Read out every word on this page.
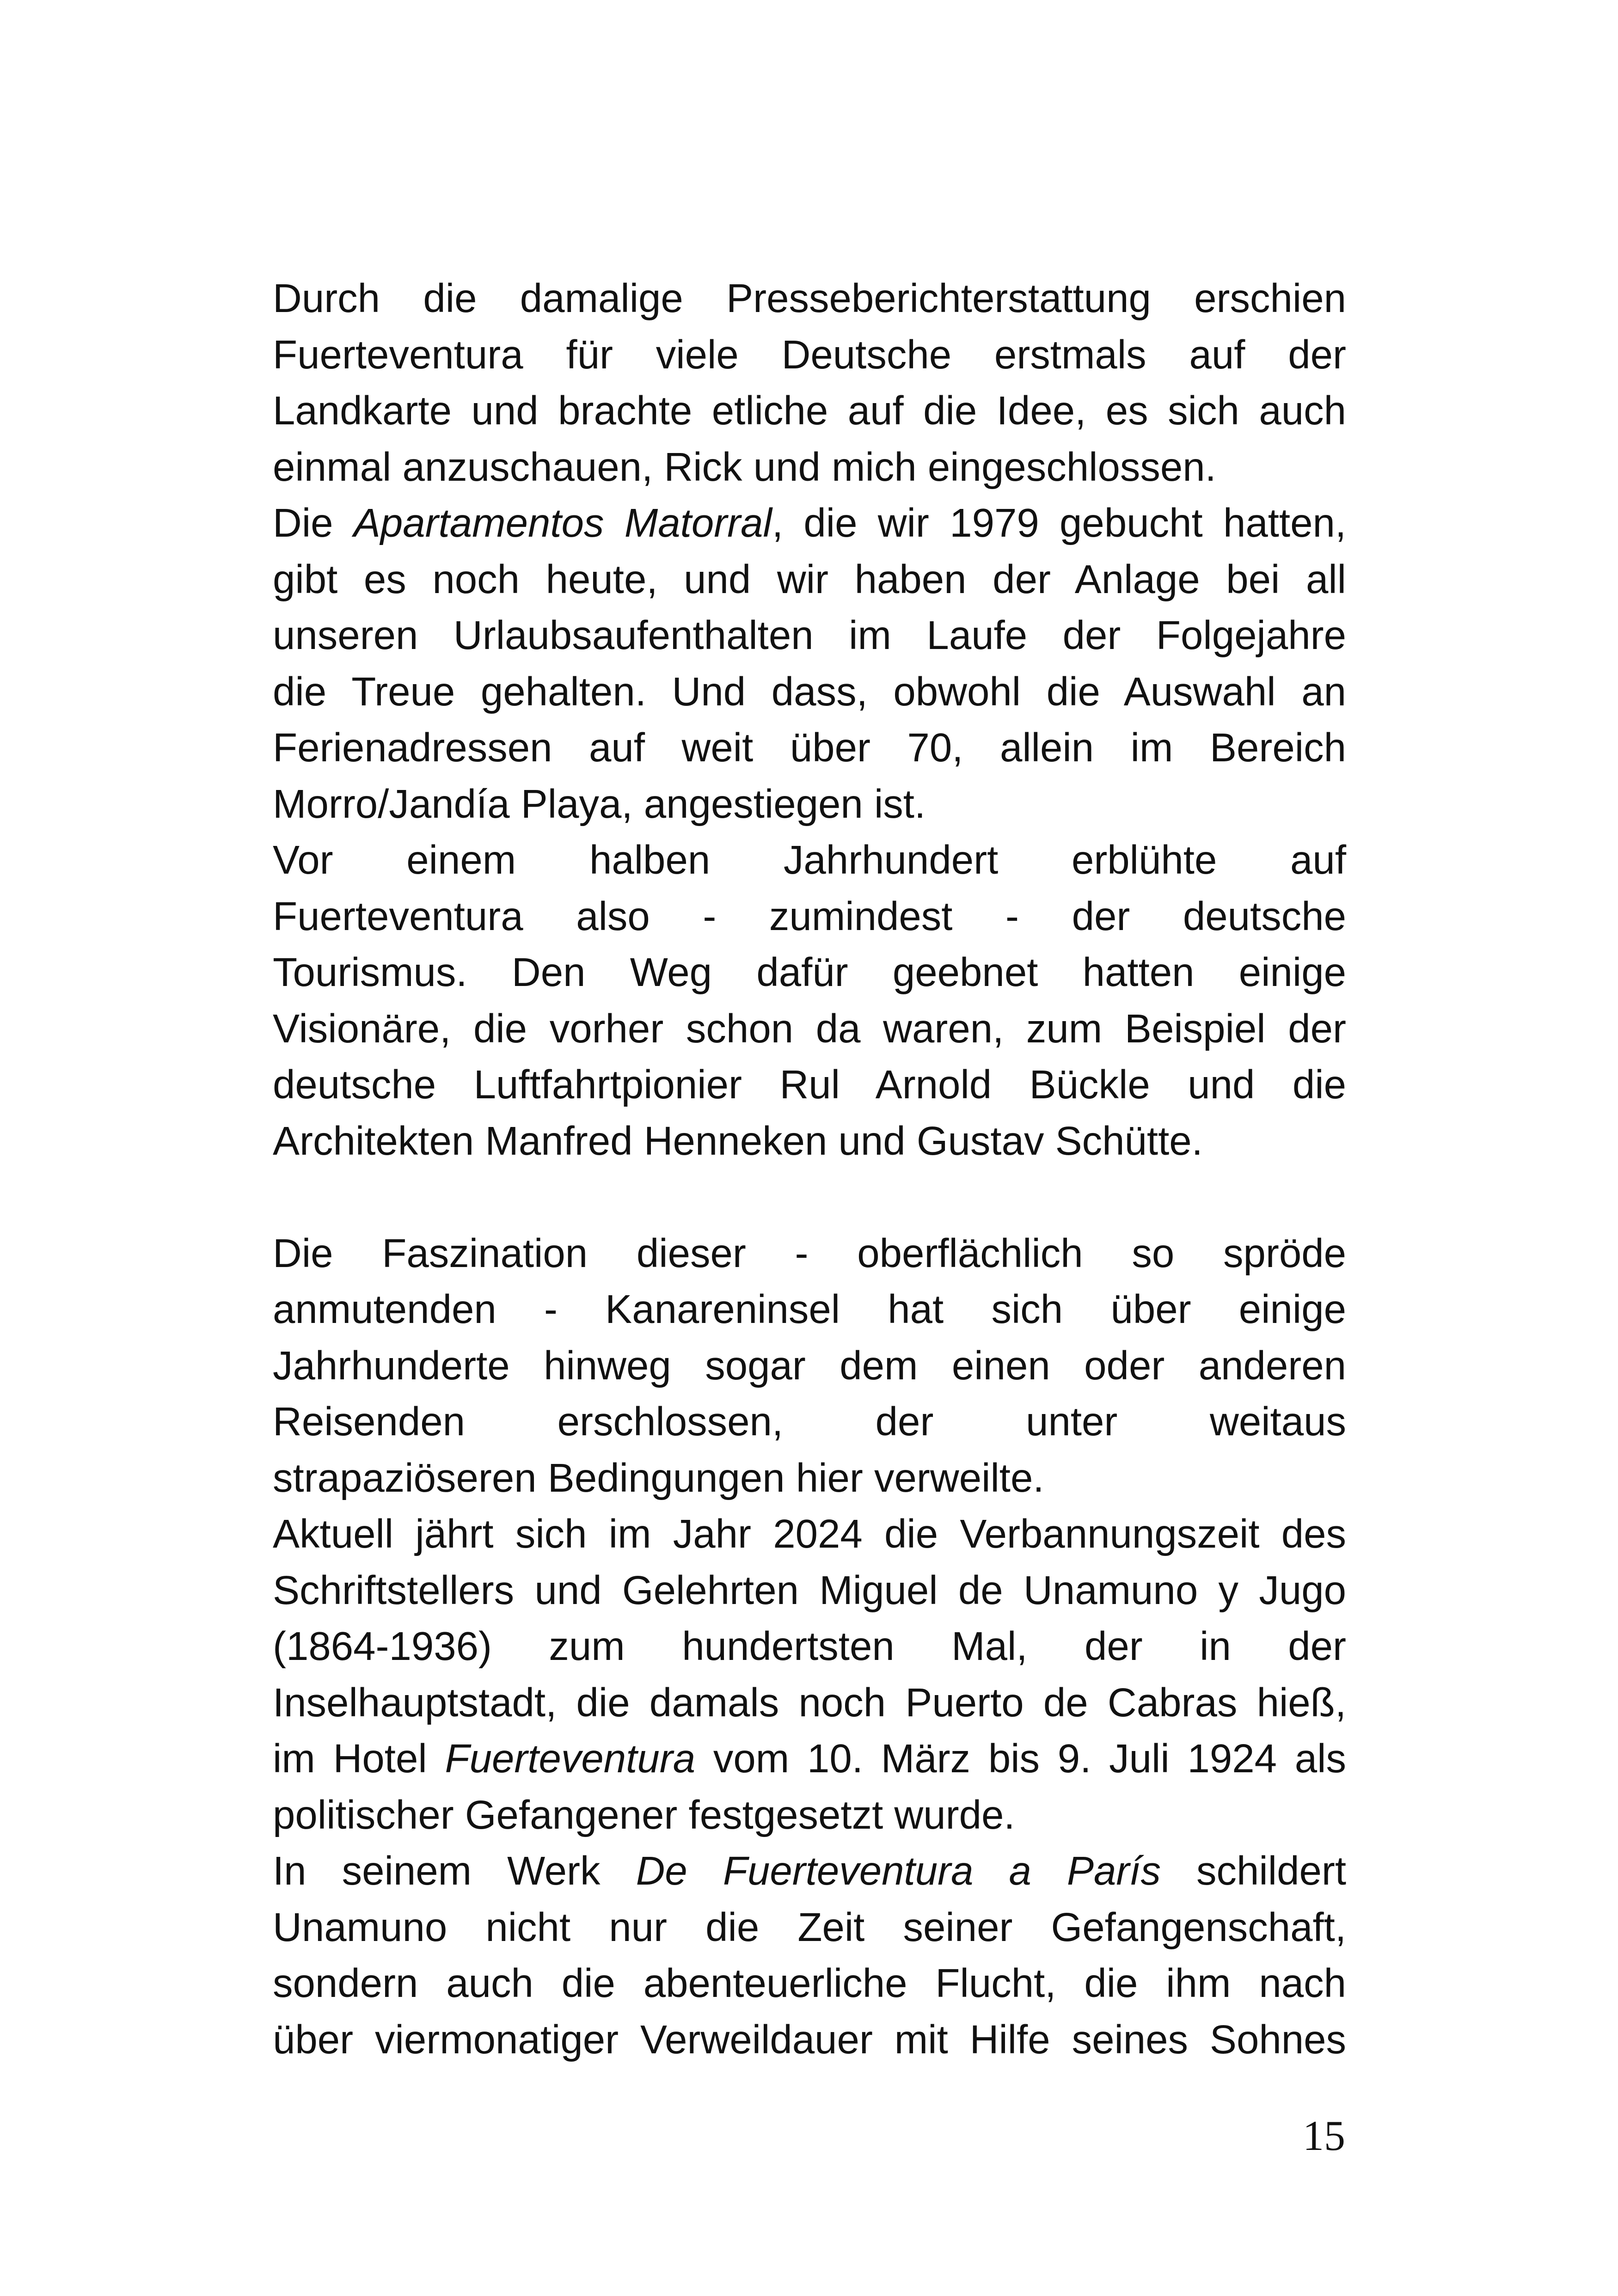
Durch die damalige Presseberichterstattung erschien
Fuerteventura für viele Deutsche erstmals auf der
Landkarte und brachte etliche auf die Idee, es sich auch
einmal anzuschauen, Rick und mich eingeschlossen.

Die Apartamentos Matorral, die wir 1979 gebucht hatten,
gibt es noch heute, und wir haben der Anlage bei all
unseren Urlaubsaufenthalten im Laufe der Folgejahre
die Treue gehalten. Und dass, obwohl die Auswahl an
Ferienadressen auf weit über 70, allein im Bereich
Morro/Jandía Playa, angestiegen ist.

Vor einem halben Jahrhundert erblühte auf
Fuerteventura also - zumindest - der deutsche
Tourismus. Den Weg dafür geebnet hatten einige
Visionäre, die vorher schon da waren, zum Beispiel der
deutsche Luftfahrtpionier Rul Arnold Bückle und die
Architekten Manfred Henneken und Gustav Schütte.

Die Faszination dieser - oberflächlich so spröde
anmutenden - Kanareninsel hat sich über einige
Jahrhunderte hinweg sogar dem einen oder anderen
Reisenden erschlossen, der unter weitaus
strapaziöseren Bedingungen hier verweilte.

Aktuell jährt sich im Jahr 2024 die Verbannungszeit des
Schriftstellers und Gelehrten Miguel de Unamuno y Jugo
(1864-1936) zum hundertsten Mal, der in der
Inselhauptstadt, die damals noch Puerto de Cabras hieß,
im Hotel Fuerteventura vom 10. März bis 9. Juli 1924 als
politischer Gefangener festgesetzt wurde.

In seinem Werk De Fuerteventura a París schildert
Unamuno nicht nur die Zeit seiner Gefangenschaft,
sondern auch die abenteuerliche Flucht, die ihm nach
über viermonatiger Verweildauer mit Hilfe seines Sohnes

15
